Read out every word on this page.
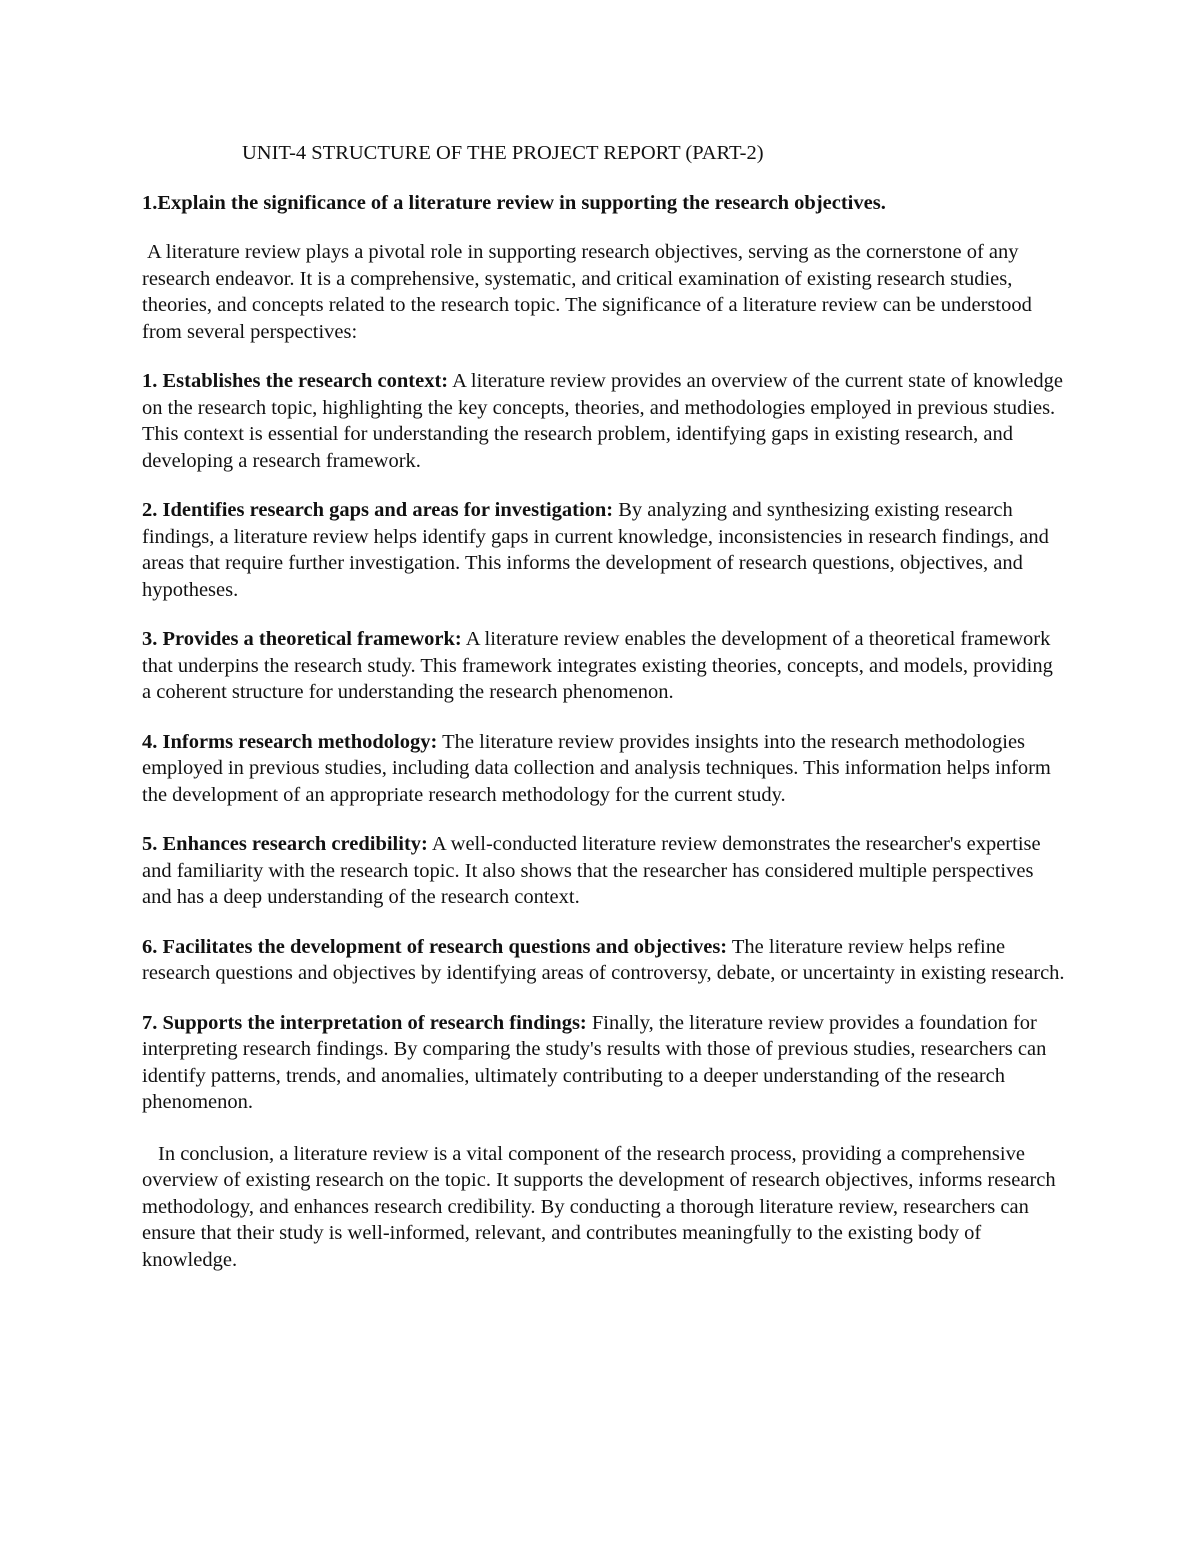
UNIT-4 STRUCTURE OF THE PROJECT REPORT (PART-2)
1.Explain the significance of a literature review in supporting the research objectives.

A literature review plays a pivotal role in supporting research objectives, serving as the cornerstone of any research endeavor. It is a comprehensive, systematic, and critical examination of existing research studies, theories, and concepts related to the research topic. The significance of a literature review can be understood from several perspectives:

1. Establishes the research context: A literature review provides an overview of the current state of knowledge on the research topic, highlighting the key concepts, theories, and methodologies employed in previous studies. This context is essential for understanding the research problem, identifying gaps in existing research, and developing a research framework.

2. Identifies research gaps and areas for investigation: By analyzing and synthesizing existing research findings, a literature review helps identify gaps in current knowledge, inconsistencies in research findings, and areas that require further investigation. This informs the development of research questions, objectives, and hypotheses.

3. Provides a theoretical framework: A literature review enables the development of a theoretical framework that underpins the research study. This framework integrates existing theories, concepts, and models, providing a coherent structure for understanding the research phenomenon.

4. Informs research methodology: The literature review provides insights into the research methodologies employed in previous studies, including data collection and analysis techniques. This information helps inform the development of an appropriate research methodology for the current study.

5. Enhances research credibility: A well-conducted literature review demonstrates the researcher's expertise and familiarity with the research topic. It also shows that the researcher has considered multiple perspectives and has a deep understanding of the research context.

6. Facilitates the development of research questions and objectives: The literature review helps refine research questions and objectives by identifying areas of controversy, debate, or uncertainty in existing research.

7. Supports the interpretation of research findings: Finally, the literature review provides a foundation for interpreting research findings. By comparing the study's results with those of previous studies, researchers can identify patterns, trends, and anomalies, ultimately contributing to a deeper understanding of the research phenomenon.

In conclusion, a literature review is a vital component of the research process, providing a comprehensive overview of existing research on the topic. It supports the development of research objectives, informs research methodology, and enhances research credibility. By conducting a thorough literature review, researchers can ensure that their study is well-informed, relevant, and contributes meaningfully to the existing body of knowledge.
